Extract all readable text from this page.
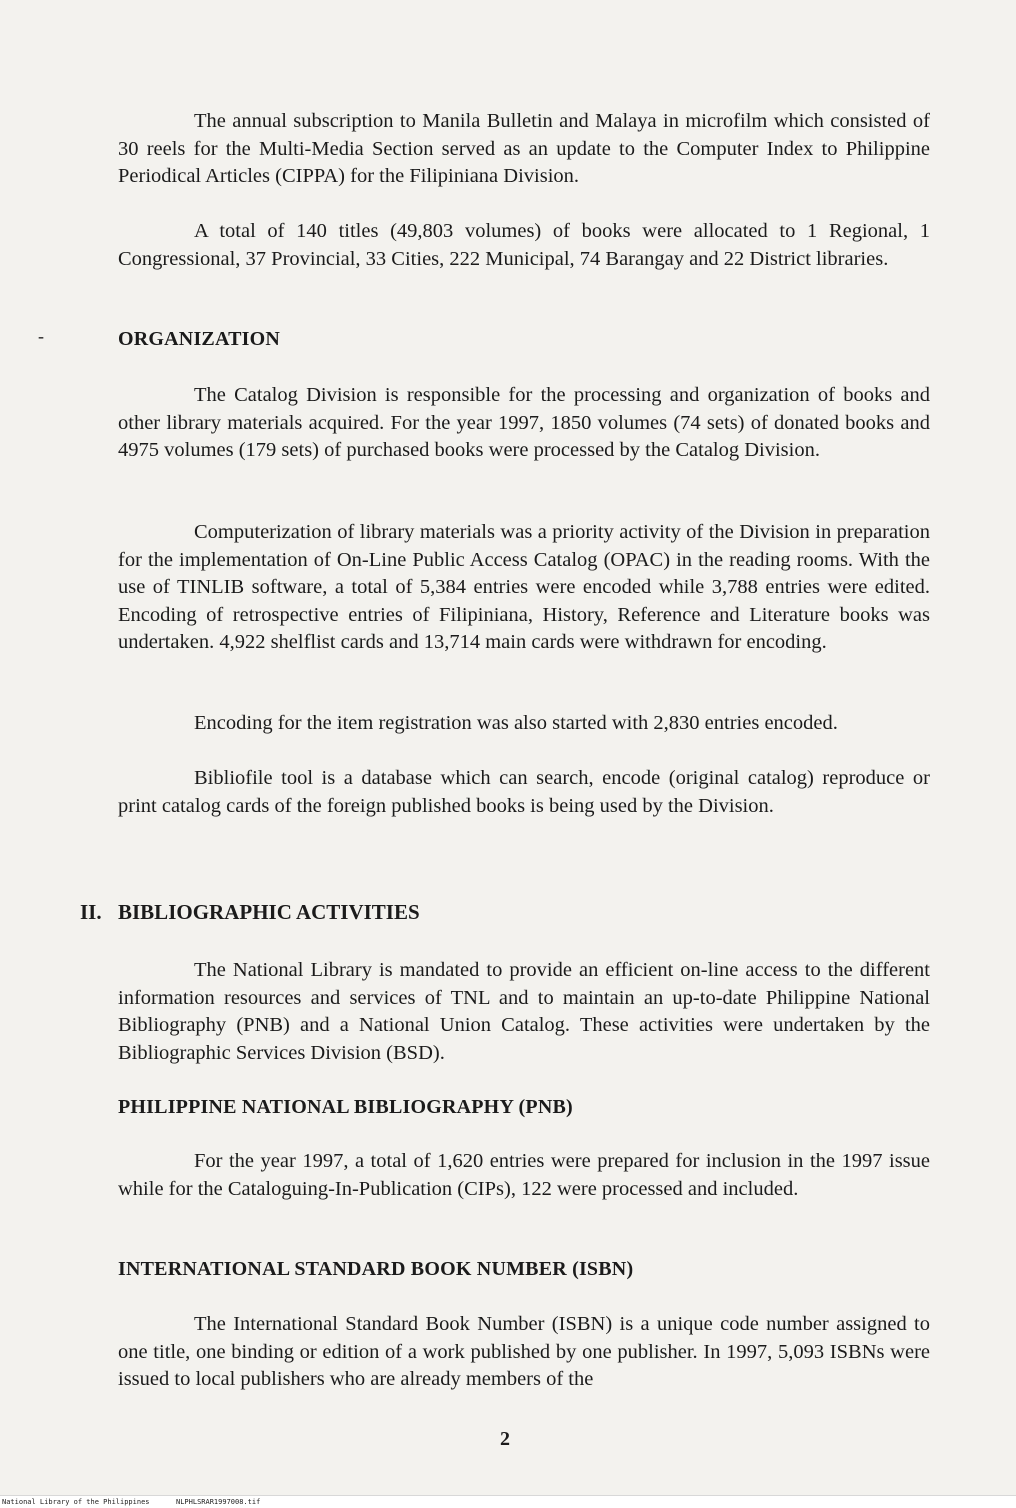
The annual subscription to Manila Bulletin and Malaya in microfilm which consisted of 30 reels for the Multi-Media Section served as an update to the Computer Index to Philippine Periodical Articles (CIPPA) for the Filipiniana Division.

A total of 140 titles (49,803 volumes) of books were allocated to 1 Regional, 1 Congressional, 37 Provincial, 33 Cities, 222 Municipal, 74 Barangay and 22 District libraries.

-	ORGANIZATION

The Catalog Division is responsible for the processing and organization of books and other library materials acquired. For the year 1997, 1850 volumes (74 sets) of donated books and 4975 volumes (179 sets) of purchased books were processed by the Catalog Division.

Computerization of library materials was a priority activity of the Division in preparation for the implementation of On-Line Public Access Catalog (OPAC) in the reading rooms. With the use of TINLIB software, a total of 5,384 entries were encoded while 3,788 entries were edited. Encoding of retrospective entries of Filipiniana, History, Reference and Literature books was undertaken. 4,922 shelflist cards and 13,714 main cards were withdrawn for encoding.

Encoding for the item registration was also started with 2,830 entries encoded.

Bibliofile tool is a database which can search, encode (original catalog) reproduce or print catalog cards of the foreign published books is being used by the Division.

II. BIBLIOGRAPHIC ACTIVITIES

The National Library is mandated to provide an efficient on-line access to the different information resources and services of TNL and to maintain an up-to-date Philippine National Bibliography (PNB) and a National Union Catalog. These activities were undertaken by the Bibliographic Services Division (BSD).

PHILIPPINE NATIONAL BIBLIOGRAPHY (PNB)

For the year 1997, a total of 1,620 entries were prepared for inclusion in the 1997 issue while for the Cataloguing-In-Publication (CIPs), 122 were processed and included.

INTERNATIONAL STANDARD BOOK NUMBER (ISBN)

The International Standard Book Number (ISBN) is a unique code number assigned to one title, one binding or edition of a work published by one publisher. In 1997, 5,093 ISBNs were issued to local publishers who are already members of the

2
National Library of the Philippines	NLPHLSRAR1997008.tif
